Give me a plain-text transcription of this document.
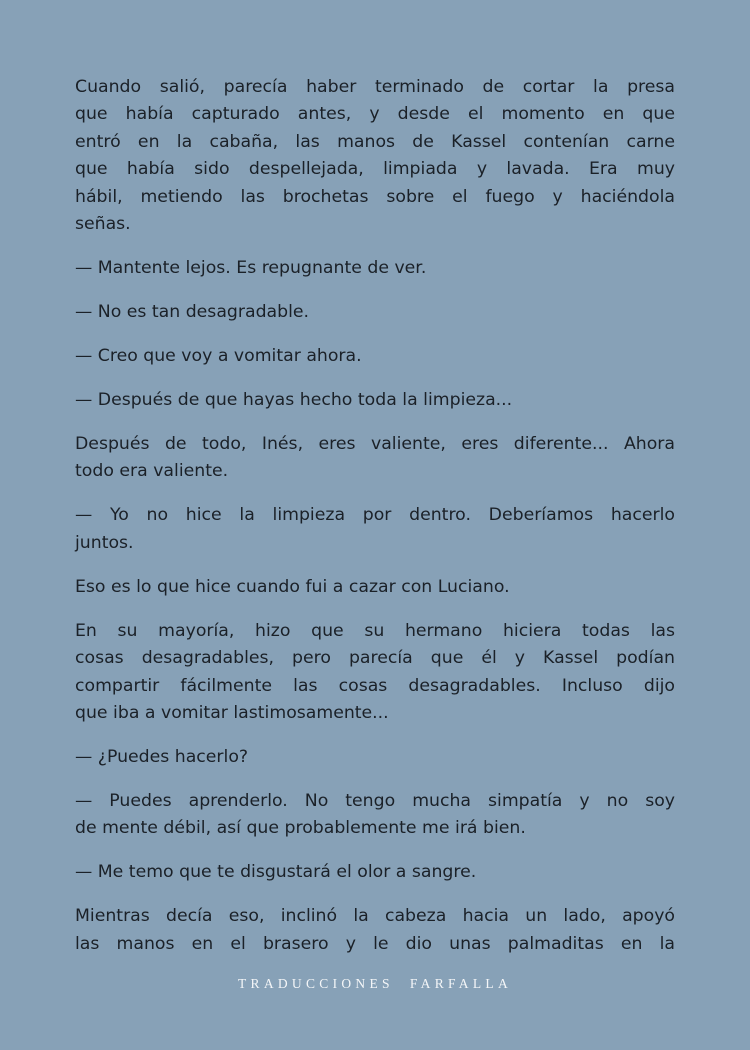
Cuando salió, parecía haber terminado de cortar la presa
que había capturado antes, y desde el momento en que
entró en la cabaña, las manos de Kassel contenían carne
que había sido despellejada, limpiada y lavada. Era muy
hábil, metiendo las brochetas sobre el fuego y haciéndola
señas.

— Mantente lejos. Es repugnante de ver.

— No es tan desagradable.

— Creo que voy a vomitar ahora.

— Después de que hayas hecho toda la limpieza...

Después de todo, Inés, eres valiente, eres diferente... Ahora
todo era valiente.

— Yo no hice la limpieza por dentro. Deberíamos hacerlo
juntos.

Eso es lo que hice cuando fui a cazar con Luciano.

En su mayoría, hizo que su hermano hiciera todas las
cosas desagradables, pero parecía que él y Kassel podían
compartir fácilmente las cosas desagradables. Incluso dijo
que iba a vomitar lastimosamente...

— ¿Puedes hacerlo?

— Puedes aprenderlo. No tengo mucha simpatía y no soy
de mente débil, así que probablemente me irá bien.

— Me temo que te disgustará el olor a sangre.

Mientras decía eso, inclinó la cabeza hacia un lado, apoyó
las manos en el brasero y le dio unas palmaditas en la

TRADUCCIONES FARFALLA
